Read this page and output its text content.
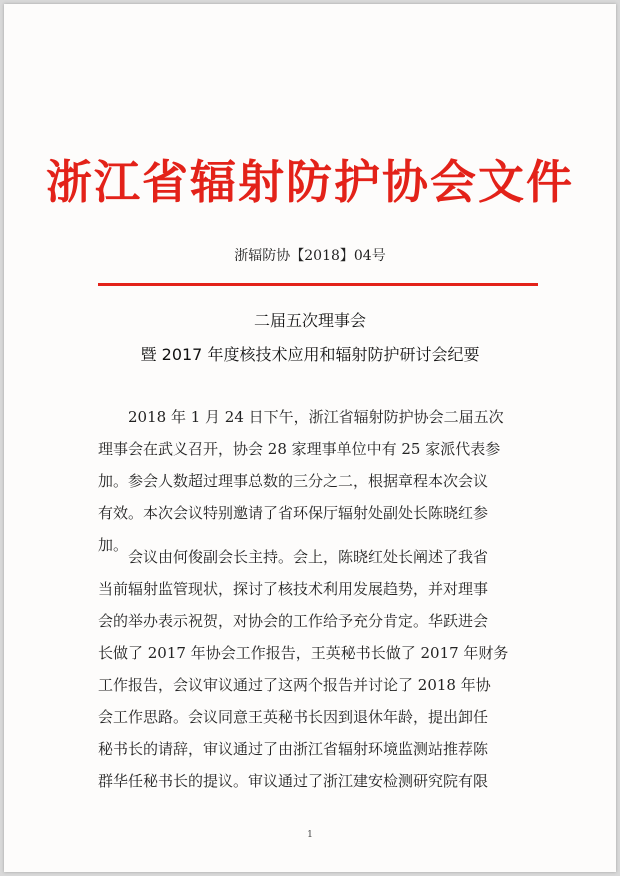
浙江省辐射防护协会文件
浙辐防协【2018】04号
二届五次理事会
暨 2017 年度核技术应用和辐射防护研讨会纪要
2018 年 1 月 24 日下午，浙江省辐射防护协会二届五次
理事会在武义召开，协会 28 家理事单位中有 25 家派代表参
加。参会人数超过理事总数的三分之二，根据章程本次会议
有效。本次会议特别邀请了省环保厅辐射处副处长陈晓红参
加。
会议由何俊副会长主持。会上，陈晓红处长阐述了我省
当前辐射监管现状，探讨了核技术利用发展趋势，并对理事
会的举办表示祝贺，对协会的工作给予充分肯定。华跃进会
长做了 2017 年协会工作报告，王英秘书长做了 2017 年财务
工作报告，会议审议通过了这两个报告并讨论了 2018 年协
会工作思路。会议同意王英秘书长因到退休年龄，提出卸任
秘书长的请辞，审议通过了由浙江省辐射环境监测站推荐陈
群华任秘书长的提议。审议通过了浙江建安检测研究院有限
1
